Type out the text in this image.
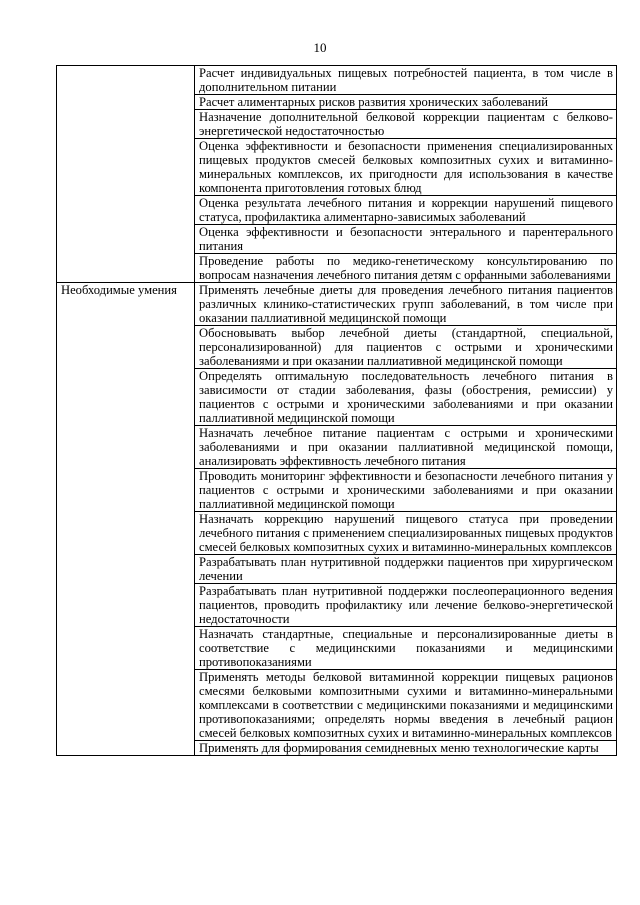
10
	Расчет индивидуальных пищевых потребностей пациента, в том числе в дополнительном питании
	Расчет алиментарных рисков развития хронических заболеваний
	Назначение дополнительной белковой коррекции пациентам с белково-энергетической недостаточностью
	Оценка эффективности и безопасности применения специализированных пищевых продуктов смесей белковых композитных сухих и витаминно-минеральных комплексов, их пригодности для использования в качестве компонента приготовления готовых блюд
	Оценка результата лечебного питания и коррекции нарушений пищевого статуса, профилактика алиментарно-зависимых заболеваний
	Оценка эффективности и безопасности энтерального и парентерального питания
	Проведение работы по медико-генетическому консультированию по вопросам назначения лечебного питания детям с орфанными заболеваниями
Необходимые умения	Применять лечебные диеты для проведения лечебного питания пациентов различных клинико-статистических групп заболеваний, в том числе при оказании паллиативной медицинской помощи
	Обосновывать выбор лечебной диеты (стандартной, специальной, персонализированной) для пациентов с острыми и хроническими заболеваниями и при оказании паллиативной медицинской помощи
	Определять оптимальную последовательность лечебного питания в зависимости от стадии заболевания, фазы (обострения, ремиссии) у пациентов с острыми и хроническими заболеваниями и при оказании паллиативной медицинской помощи
	Назначать лечебное питание пациентам с острыми и хроническими заболеваниями и при оказании паллиативной медицинской помощи, анализировать эффективность лечебного питания
	Проводить мониторинг эффективности и безопасности лечебного питания у пациентов с острыми и хроническими заболеваниями и при оказании паллиативной медицинской помощи
	Назначать коррекцию нарушений пищевого статуса при проведении лечебного питания с применением специализированных пищевых продуктов смесей белковых композитных сухих и витаминно-минеральных комплексов
	Разрабатывать план нутритивной поддержки пациентов при хирургическом лечении
	Разрабатывать план нутритивной поддержки послеоперационного ведения пациентов, проводить профилактику или лечение белково-энергетической недостаточности
	Назначать стандартные, специальные и персонализированные диеты в соответствие с медицинскими показаниями и медицинскими противопоказаниями
	Применять методы белковой витаминной коррекции пищевых рационов смесями белковыми композитными сухими и витаминно-минеральными комплексами в соответствии с медицинскими показаниями и медицинскими противопоказаниями; определять нормы введения в лечебный рацион смесей белковых композитных сухих и витаминно-минеральных комплексов
	Применять для формирования семидневных меню технологические карты
